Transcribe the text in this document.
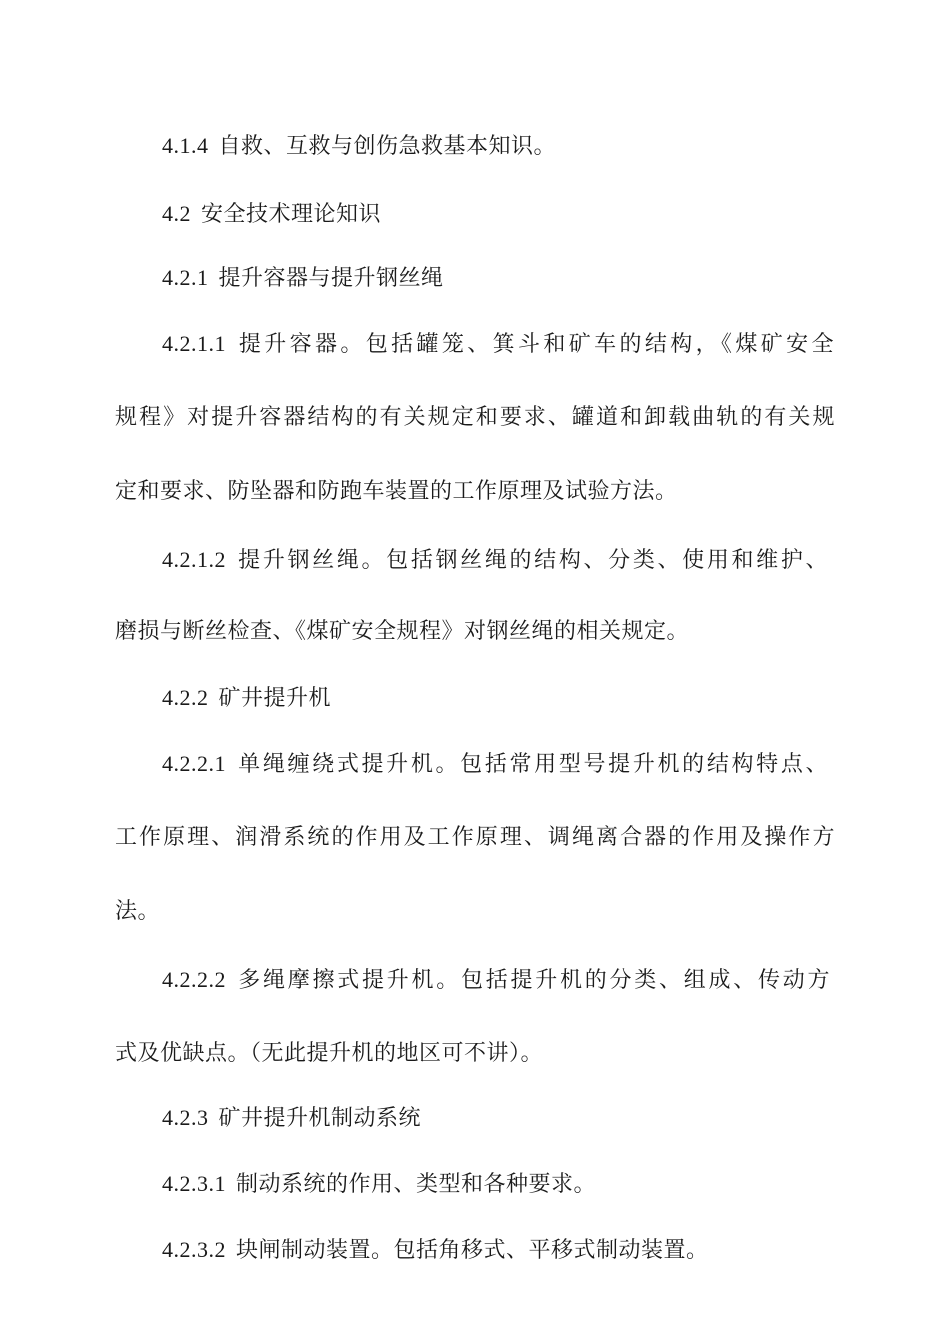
4.1.4 自救、互救与创伤急救基本知识。
4.2 安全技术理论知识
4.2.1 提升容器与提升钢丝绳
4.2.1.1 提升容器。包括罐笼、箕斗和矿车的结构，《煤矿安全
规程》对提升容器结构的有关规定和要求、罐道和卸载曲轨的有关规
定和要求、防坠器和防跑车装置的工作原理及试验方法。
4.2.1.2 提升钢丝绳。包括钢丝绳的结构、分类、使用和维护、
磨损与断丝检查、《煤矿安全规程》对钢丝绳的相关规定。
4.2.2 矿井提升机
4.2.2.1 单绳缠绕式提升机。包括常用型号提升机的结构特点、
工作原理、润滑系统的作用及工作原理、调绳离合器的作用及操作方
法。
4.2.2.2 多绳摩擦式提升机。包括提升机的分类、组成、传动方
式及优缺点。（无此提升机的地区可不讲）。
4.2.3 矿井提升机制动系统
4.2.3.1 制动系统的作用、类型和各种要求。
4.2.3.2 块闸制动装置。包括角移式、平移式制动装置。
